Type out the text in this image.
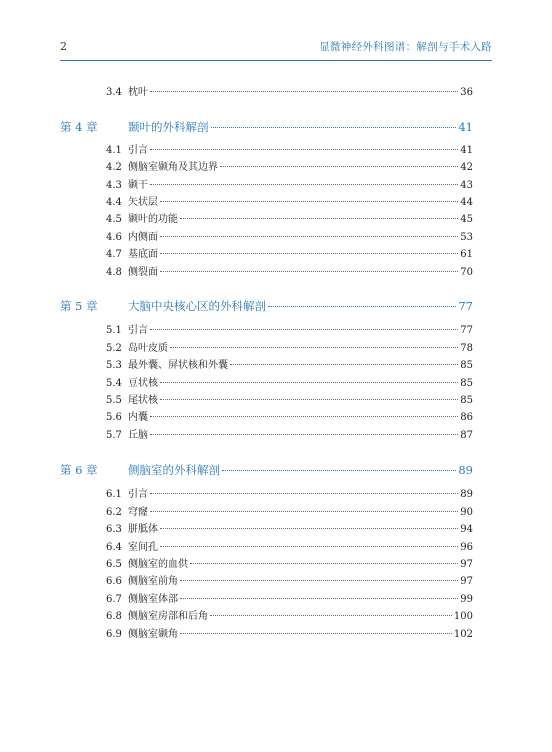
2	显微神经外科图谱：解剖与手术入路
3.4 枕叶	36
第 4 章	颞叶的外科解剖	41
4.1 引言	41
4.2 侧脑室颞角及其边界	42
4.3 颞干	43
4.4 矢状层	44
4.5 颞叶的功能	45
4.6 内侧面	53
4.7 基底面	61
4.8 侧裂面	70
第 5 章	大脑中央核心区的外科解剖	77
5.1 引言	77
5.2 岛叶皮质	78
5.3 最外囊、屏状核和外囊	85
5.4 豆状核	85
5.5 尾状核	85
5.6 内囊	86
5.7 丘脑	87
第 6 章	侧脑室的外科解剖	89
6.1 引言	89
6.2 穹窿	90
6.3 胼胝体	94
6.4 室间孔	96
6.5 侧脑室的血供	97
6.6 侧脑室前角	97
6.7 侧脑室体部	99
6.8 侧脑室房部和后角	100
6.9 侧脑室颞角	102
